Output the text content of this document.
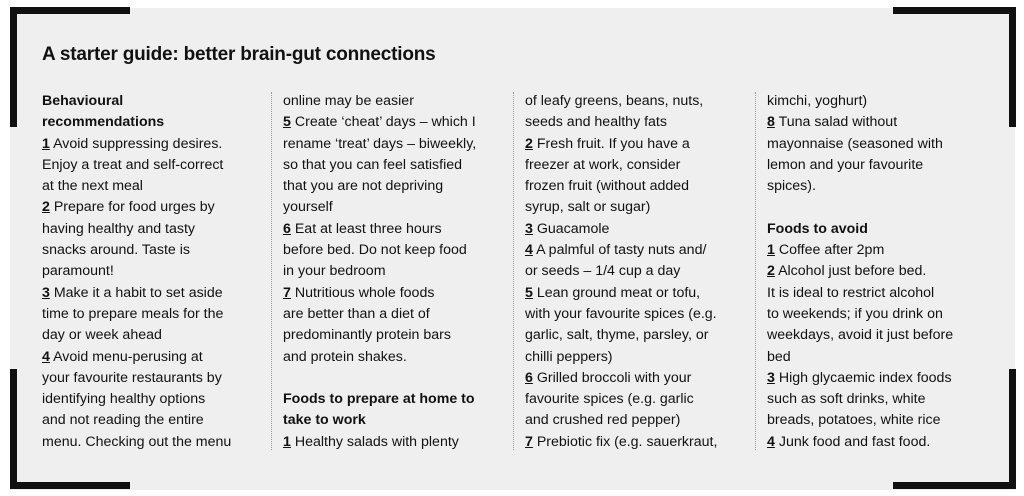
A starter guide: better brain-gut connections
Behavioural
recommendations
1 Avoid suppressing desires.
Enjoy a treat and self-correct
at the next meal
2 Prepare for food urges by
having healthy and tasty
snacks around. Taste is
paramount!
3 Make it a habit to set aside
time to prepare meals for the
day or week ahead
4 Avoid menu-perusing at
your favourite restaurants by
identifying healthy options
and not reading the entire
menu. Checking out the menu
online may be easier
5 Create ‘cheat’ days – which I
rename ‘treat’ days – biweekly,
so that you can feel satisfied
that you are not depriving
yourself
6 Eat at least three hours
before bed. Do not keep food
in your bedroom
7 Nutritious whole foods
are better than a diet of
predominantly protein bars
and protein shakes.
Foods to prepare at home to
take to work
1 Healthy salads with plenty
of leafy greens, beans, nuts,
seeds and healthy fats
2 Fresh fruit. If you have a
freezer at work, consider
frozen fruit (without added
syrup, salt or sugar)
3 Guacamole
4 A palmful of tasty nuts and/
or seeds – 1/4 cup a day
5 Lean ground meat or tofu,
with your favourite spices (e.g.
garlic, salt, thyme, parsley, or
chilli peppers)
6 Grilled broccoli with your
favourite spices (e.g. garlic
and crushed red pepper)
7 Prebiotic fix (e.g. sauerkraut,
kimchi, yoghurt)
8 Tuna salad without
mayonnaise (seasoned with
lemon and your favourite
spices).
Foods to avoid
1 Coffee after 2pm
2 Alcohol just before bed.
It is ideal to restrict alcohol
to weekends; if you drink on
weekdays, avoid it just before
bed
3 High glycaemic index foods
such as soft drinks, white
breads, potatoes, white rice
4 Junk food and fast food.
